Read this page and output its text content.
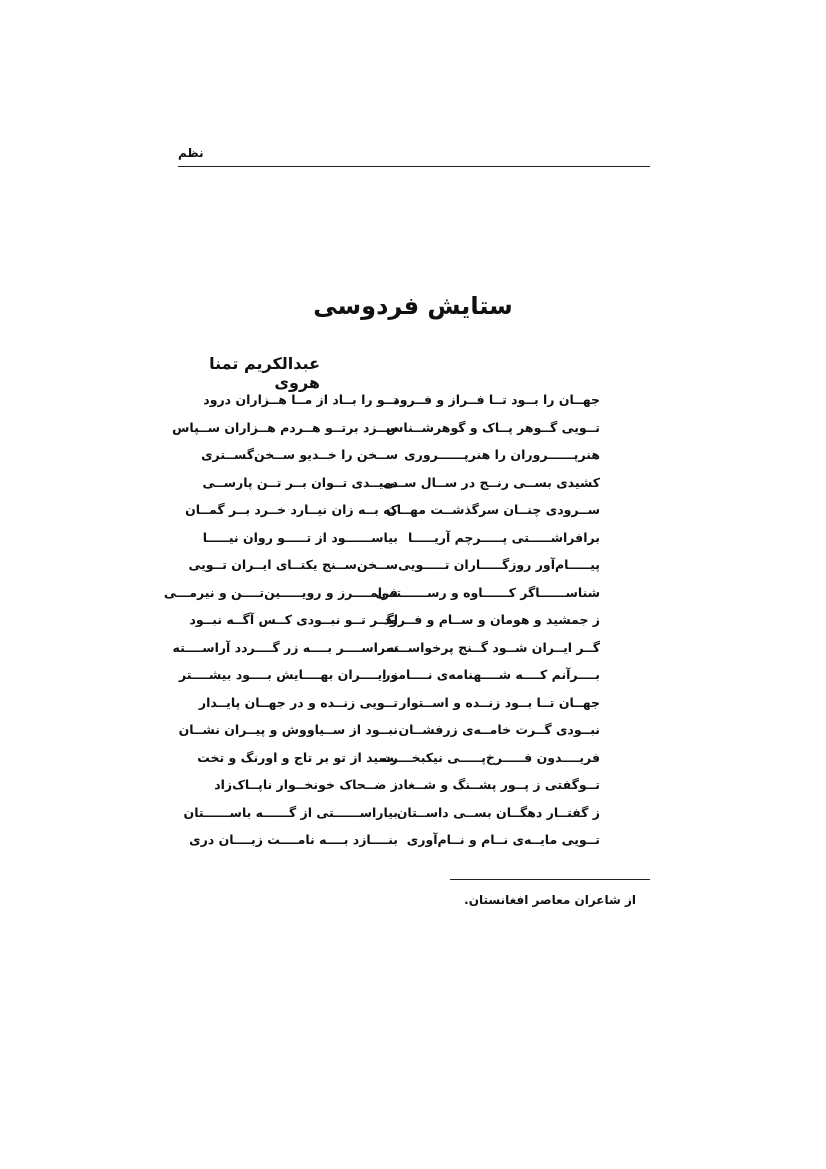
نظم
ستایش فردوسی
عبدالکریم تمنا هروی
جهــان را بــود تــا فــراز و فــرود
تــو را بــاد از مــا هــزاران درود
تــویی گــوهر پــاک و گوهرشــناس
ســزد برتــو هــردم هــزاران ســپاس
هنرپــــــروران را هنرپــــــروری
ســخن را خــدیو ســخن‌گســتری
کشیدی بســی رنــج در ســال ســی
دمیــدی تــوان بــر تــن پارســی
ســرودی چنــان سرگذشــت مهــان
که بــه زان نیــارد خــرد بــر گمــان
برافراشـــــتی پـــــرچم آریـــــا
بیاســــــود از تـــــو روان نیـــــا
پیـــــام‌آور روزگـــــاران تـــــویی
ســخن‌ســنج یکتــای ایــران تــویی
شناســــــاگر کــــــاوه و رســــــتمی
فرامــــرز و رویـــــین‌تــــن و نیرمـــی
ز جمشید و هومان و ســام و فــرود
اگــر تــو نبــودی کــس آگــه نبــود
گــر ایــران شــود گــنج پرخواســته
سراســــر بــــه زر گــــردد آراســــته
بــــرآنم کــــه شــــهنامه‌ی نــــامور
ز ایــــران بهــــایش بــــود بیشــــتر
جهــان تــا بــود زنــده و اســتوار
تــویی زنــده و در جهــان پایــدار
نبــودی گــرت خامــه‌ی زرفشــان
نبــود از ســیاووش و پیــران نشــان
فریــــدون فـــــرخ‌پـــــی نیکبخــــت
رسید از تو بر تاج و اورنگ و تخت
تــوگفتی ز پــور پشــنگ و شــغاد
ز ضــحاک خونخــوار ناپــاک‌زاد
ز گفتــار دهگــان بســی داســتان
بیاراســــــتی از گــــــه باســــــتان
تــویی مایــه‌ی نــام و نــام‌آوری
بنــــازد بــــه نامــــت زبــــان دری
از شاعران معاصر افغانستان.
